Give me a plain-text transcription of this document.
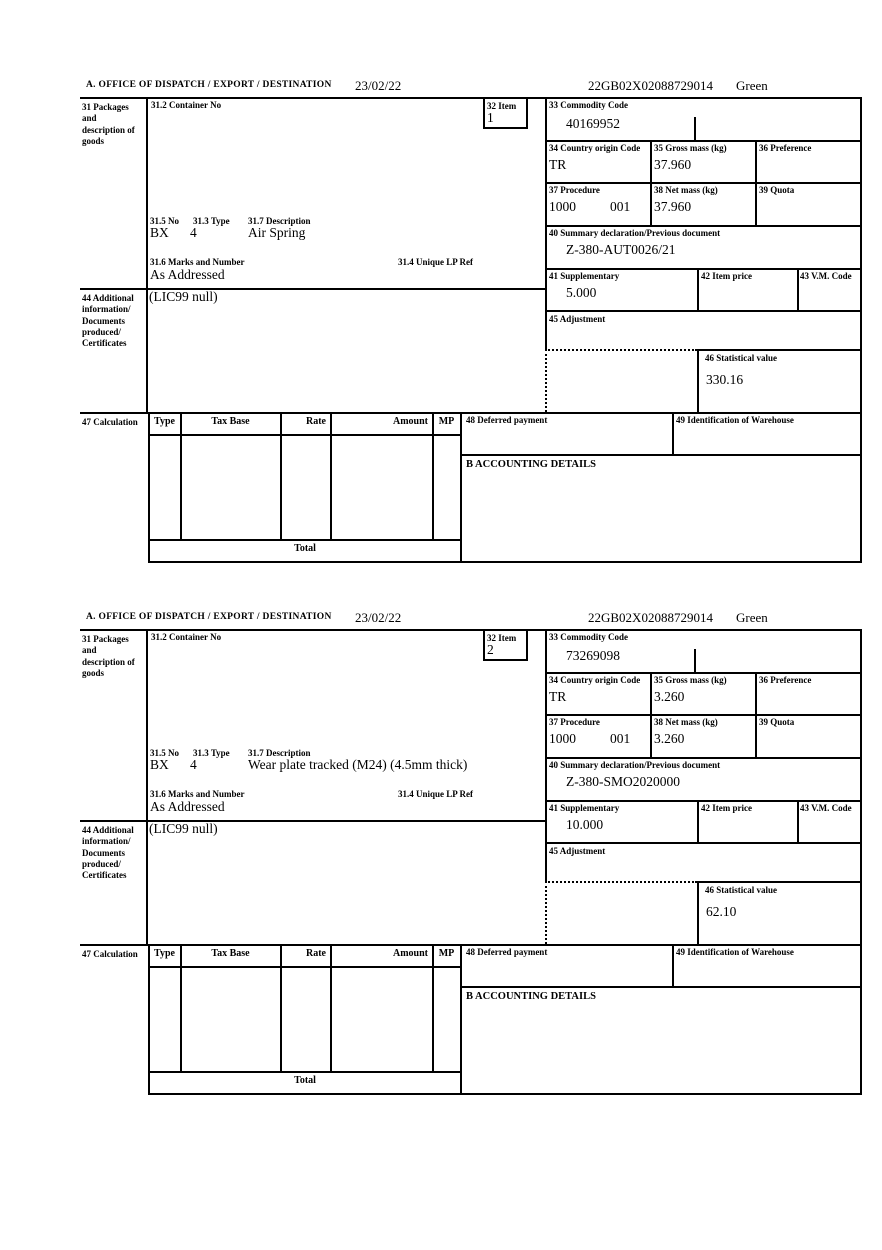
A. OFFICE OF DISPATCH / EXPORT / DESTINATION 23/02/22	22GB02X02088729014 Green
31 Packages and description of goods
31.2 Container No	32 Item
1
33 Commodity Code
40169952
34 Country origin Code
TR
35 Gross mass (kg)
37.960
36 Preference
37 Procedure
1000	001
38 Net mass (kg)
37.960
39 Quota
40 Summary declaration/Previous document
Z-380-AUT0026/21
41 Supplementary
5.000
42 Item price	43 V.M. Code
45 Adjustment
46 Statistical value
330.16
31.5 No 31.3 Type 31.7 Description
BX 4	Air Spring
31.6 Marks and Number	31.4 Unique LP Ref
As Addressed
44 Additional information/ Documents produced/ Certificates
(LIC99 null)
47 Calculation	Type	Tax Base	Rate	Amount	MP	48 Deferred payment	49 Identification of Warehouse
B ACCOUNTING DETAILS
Total
A. OFFICE OF DISPATCH / EXPORT / DESTINATION 23/02/22	22GB02X02088729014 Green
31 Packages and description of goods
31.2 Container No	32 Item
2
33 Commodity Code
73269098
34 Country origin Code
TR
35 Gross mass (kg)
3.260
36 Preference
37 Procedure
1000	001
38 Net mass (kg)
3.260
39 Quota
40 Summary declaration/Previous document
Z-380-SMO2020000
41 Supplementary
10.000
42 Item price	43 V.M. Code
45 Adjustment
46 Statistical value
62.10
31.5 No 31.3 Type 31.7 Description
BX 4	Wear plate tracked (M24) (4.5mm thick)
31.6 Marks and Number	31.4 Unique LP Ref
As Addressed
44 Additional information/ Documents produced/ Certificates
(LIC99 null)
47 Calculation	Type	Tax Base	Rate	Amount	MP	48 Deferred payment	49 Identification of Warehouse
B ACCOUNTING DETAILS
Total
